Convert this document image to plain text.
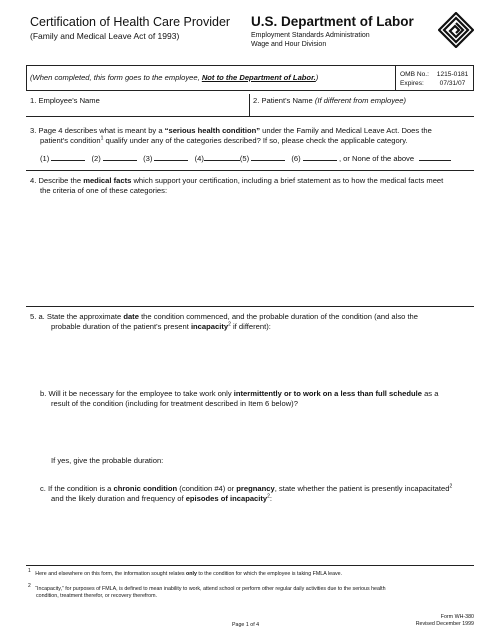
Certification of Health Care Provider
(Family and Medical Leave Act of 1993)
U.S. Department of Labor
Employment Standards Administration
Wage and Hour Division
(When completed, this form goes to the employee, Not to the Department of Labor.)	OMB No.: 1215-0181
Expires: 07/31/07
1. Employee's Name	2. Patient's Name (If different from employee)
3. Page 4 describes what is meant by a “serious health condition” under the Family and Medical Leave Act. Does the
patient's condition$^1$ qualify under any of the categories described? If so, please check the applicable category.
(1)	(2)	(3)	(4)	(5)	(6)	, or None of the above
4. Describe the medical facts which support your certification, including a brief statement as to how the medical facts meet
the criteria of one of these categories:
5. a. State the approximate date the condition commenced, and the probable duration of the condition (and also the
probable duration of the patient's present incapacity$^2$ if different):
b. Will it be necessary for the employee to take work only intermittently or to work on a less than full schedule as a
result of the condition (including for treatment described in Item 6 below)?
If yes, give the probable duration:
c. If the condition is a chronic condition (condition #4) or pregnancy, state whether the patient is presently incapacitated$^2$
and the likely duration and frequency of episodes of incapacity$^2$:
$^1$ Here and elsewhere on this form, the information sought relates only to the condition for which the employee is taking FMLA leave.
$^2$ “Incapacity,” for purposes of FMLA, is defined to mean inability to work, attend school or perform other regular daily activities due to the serious health
condition, treatment therefor, or recovery therefrom.
Page 1 of 4
Form WH-380
Revised December 1999
